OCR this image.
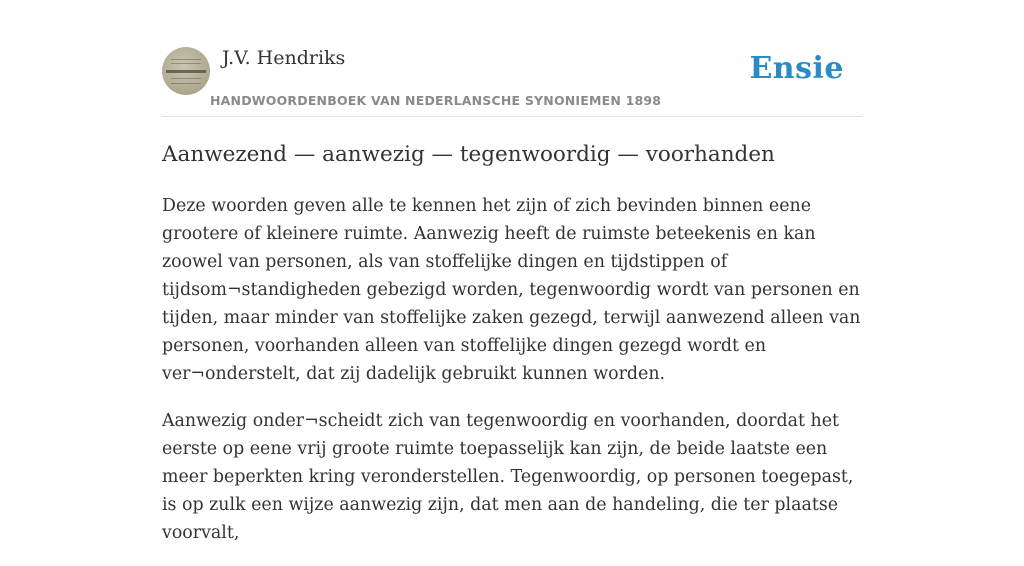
J.V. Hendriks
HANDWOORDENBOEK VAN NEDERLANSCHE SYNONIEMEN 1898
Ensie
Aanwezend — aanwezig — tegenwoordig — voorhanden

Deze woorden geven alle te kennen het zijn of zich bevinden binnen eene grootere of kleinere ruimte. Aanwezig heeft de ruimste beteekenis en kan zoowel van personen, als van stoffelijke dingen en tijdstippen of tijdsom¬standigheden gebezigd worden, tegenwoordig wordt van personen en tijden, maar minder van stoffelijke zaken gezegd, terwijl aanwezend alleen van personen, voorhanden alleen van stoffelijke dingen gezegd wordt en ver¬onderstelt, dat zij dadelijk gebruikt kunnen worden.

Aanwezig onder¬scheidt zich van tegenwoordig en voorhanden, doordat het eerste op eene vrij groote ruimte toepasselijk kan zijn, de beide laatste een meer beperkten kring veronderstellen. Tegenwoordig, op personen toegepast, is op zulk een wijze aanwezig zijn, dat men aan de handeling, die ter plaatse voorvalt,
